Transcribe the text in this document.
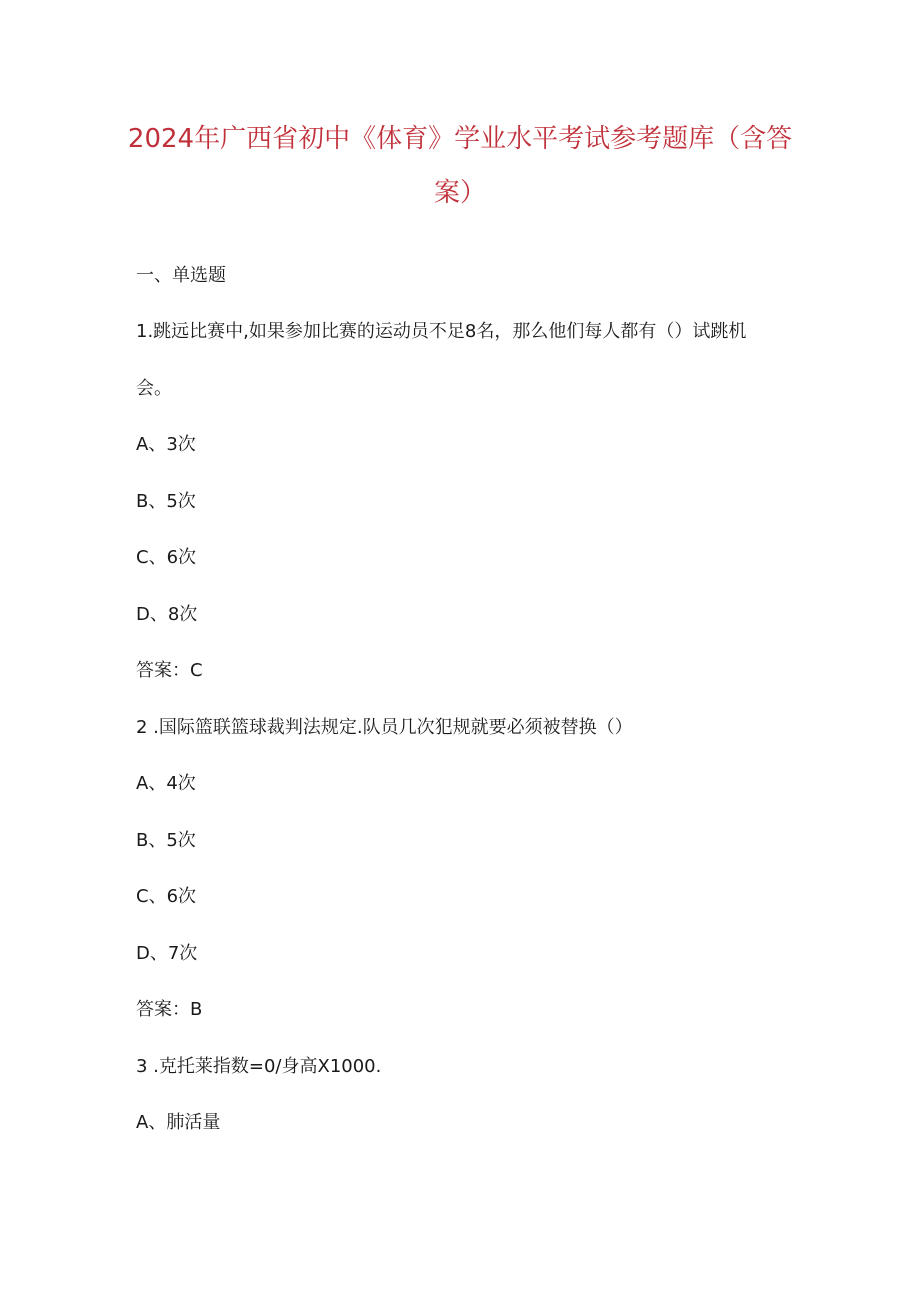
2024年广西省初中《体育》学业水平考试参考题库（含答案）
一、单选题
1.跳远比赛中,如果参加比赛的运动员不足8名，那么他们每人都有（）试跳机
会。
A、3次
B、5次
C、6次
D、8次
答案：C
2 .国际篮联篮球裁判法规定.队员几次犯规就要必须被替换（）
A、4次
B、5次
C、6次
D、7次
答案：B
3 .克托莱指数=0/身高X1000.
A、肺活量
